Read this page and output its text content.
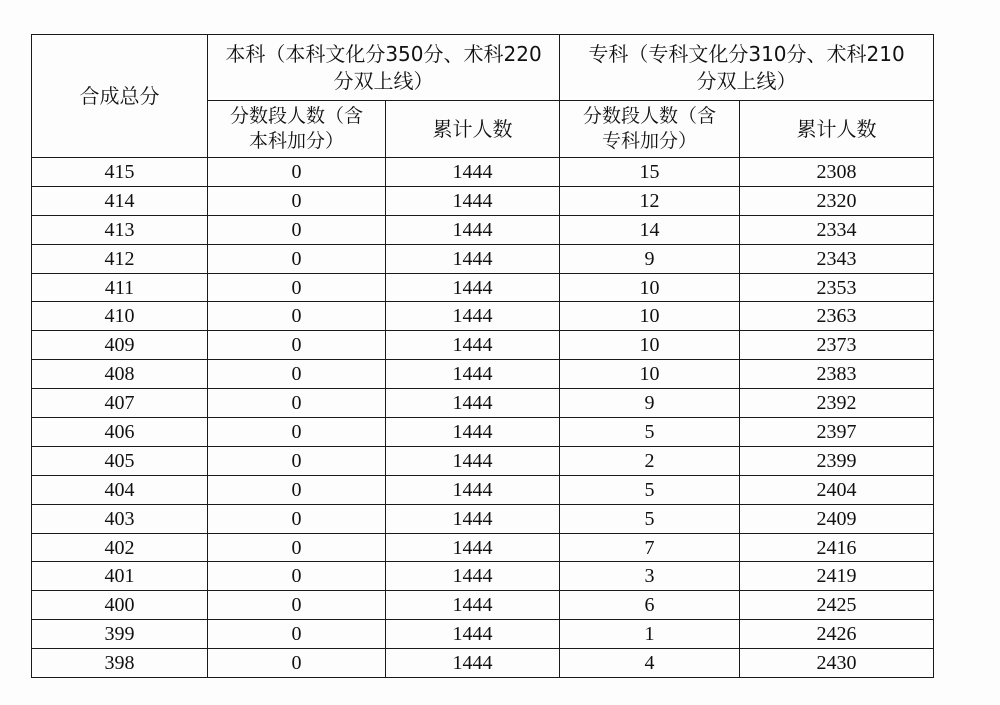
合成总分	本科（本科文化分350分、术科220
分双上线）		专科（专科文化分310分、术科210
分双上线）	

	分数段人数（含
本科加分）	累计人数	分数段人数（含
专科加分）	累计人数
415	0	1444	15	2308
414	0	1444	12	2320
413	0	1444	14	2334
412	0	1444	9	2343
411	0	1444	10	2353
410	0	1444	10	2363
409	0	1444	10	2373
408	0	1444	10	2383
407	0	1444	9	2392
406	0	1444	5	2397
405	0	1444	2	2399
404	0	1444	5	2404
403	0	1444	5	2409
402	0	1444	7	2416
401	0	1444	3	2419
400	0	1444	6	2425
399	0	1444	1	2426
398	0	1444	4	2430
